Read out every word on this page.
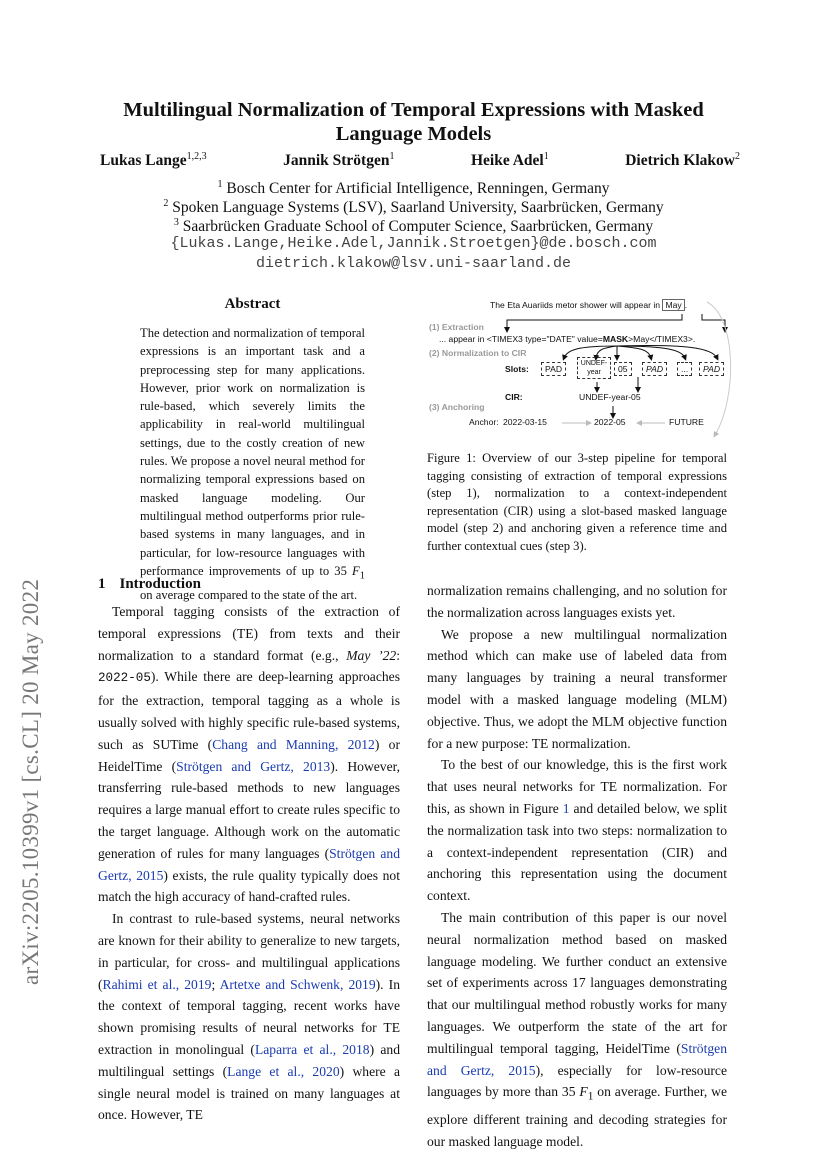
arXiv:2205.10399v1 [cs.CL] 20 May 2022
Multilingual Normalization of Temporal Expressions with Masked Language Models
Lukas Lange$^{1,2,3}$	Jannik Strötgen$^1$	Heike Adel$^1$	Dietrich Klakow$^2$
$^1$ Bosch Center for Artificial Intelligence, Renningen, Germany
$^2$ Spoken Language Systems (LSV), Saarland University, Saarbrücken, Germany
$^3$ Saarbrücken Graduate School of Computer Science, Saarbrücken, Germany
{Lukas.Lange,Heike.Adel,Jannik.Stroetgen}@de.bosch.com
dietrich.klakow@lsv.uni-saarland.de
Abstract

The detection and normalization of temporal expressions is an important task and a preprocessing step for many applications. However, prior work on normalization is rule-based, which severely limits the applicability in real-world multilingual settings, due to the costly creation of new rules. We propose a novel neural method for normalizing temporal expressions based on masked language modeling. Our multilingual method outperforms prior rule-based systems in many languages, and in particular, for low-resource languages with performance improvements of up to 35 $F_1$ on average compared to the state of the art.

The Eta Auariids metor shower will appear in May .
(1) Extraction
... appear in <TIMEX3 type="DATE" value=MASK>May</TIMEX3>.
(2) Normalization to CIR
Slots:	PAD
UNDEF-year	05	PAD	...	PAD
CIR:	UNDEF-year-05
(3) Anchoring
Anchor: 2022-03-15	2022-05	FUTURE
Figure 1: Overview of our 3-step pipeline for temporal tagging consisting of extraction of temporal expressions (step 1), normalization to a context-independent representation (CIR) using a slot-based masked language model (step 2) and anchoring given a reference time and further contextual cues (step 3).
1 Introduction

Temporal tagging consists of the extraction of temporal expressions (TE) from texts and their normalization to a standard format (e.g., May ’22: 2022-05). While there are deep-learning approaches for the extraction, temporal tagging as a whole is usually solved with highly specific rule-based systems, such as SUTime (Chang and Manning, 2012) or HeidelTime (Strötgen and Gertz, 2013). However, transferring rule-based methods to new languages requires a large manual effort to create rules specific to the target language. Although work on the automatic generation of rules for many languages (Strötgen and Gertz, 2015) exists, the rule quality typically does not match the high accuracy of hand-crafted rules.

In contrast to rule-based systems, neural networks are known for their ability to generalize to new targets, in particular, for cross- and multilingual applications (Rahimi et al., 2019; Artetxe and Schwenk, 2019). In the context of temporal tagging, recent works have shown promising results of neural networks for TE extraction in monolingual (Laparra et al., 2018) and multilingual settings (Lange et al., 2020) where a single neural model is trained on many languages at once. However, TE

normalization remains challenging, and no solution for the normalization across languages exists yet.

We propose a new multilingual normalization method which can make use of labeled data from many languages by training a neural transformer model with a masked language modeling (MLM) objective. Thus, we adopt the MLM objective function for a new purpose: TE normalization.

To the best of our knowledge, this is the first work that uses neural networks for TE normalization. For this, as shown in Figure 1 and detailed below, we split the normalization task into two steps: normalization to a context-independent representation (CIR) and anchoring this representation using the document context.

The main contribution of this paper is our novel neural normalization method based on masked language modeling. We further conduct an extensive set of experiments across 17 languages demonstrating that our multilingual method robustly works for many languages. We outperform the state of the art for multilingual temporal tagging, HeidelTime (Strötgen and Gertz, 2015), especially for low-resource languages by more than 35 $F_1$ on average. Further, we explore different training and decoding strategies for our masked language model.
